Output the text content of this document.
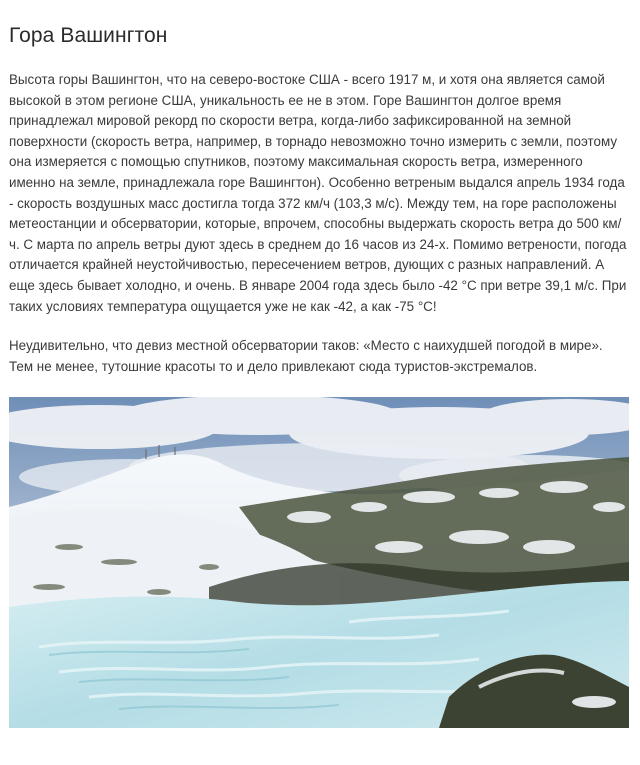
Гора Вашингтон

Высота горы Вашингтон, что на северо-востоке США - всего 1917 м, и хотя она является самой высокой в этом регионе США, уникальность ее не в этом. Горе Вашингтон долгое время принадлежал мировой рекорд по скорости ветра, когда-либо зафиксированной на земной поверхности (скорость ветра, например, в торнадо невозможно точно измерить с земли, поэтому она измеряется с помощью спутников, поэтому максимальная скорость ветра, измеренного именно на земле, принадлежала горе Вашингтон). Особенно ветреным выдался апрель 1934 года - скорость воздушных масс достигла тогда 372 км/ч (103,3 м/с). Между тем, на горе расположены метеостанции и обсерватории, которые, впрочем, способны выдержать скорость ветра до 500 км/ч. С марта по апрель ветры дуют здесь в среднем до 16 часов из 24-х. Помимо ветрености, погода отличается крайней неустойчивостью, пересечением ветров, дующих с разных направлений. А еще здесь бывает холодно, и очень. В январе 2004 года здесь было -42 °С при ветре 39,1 м/с. При таких условиях температура ощущается уже не как -42, а как -75 °С!

Неудивительно, что девиз местной обсерватории таков: «Место с наихудшей погодой в мире». Тем не менее, тутошние красоты то и дело привлекают сюда туристов-экстремалов.
